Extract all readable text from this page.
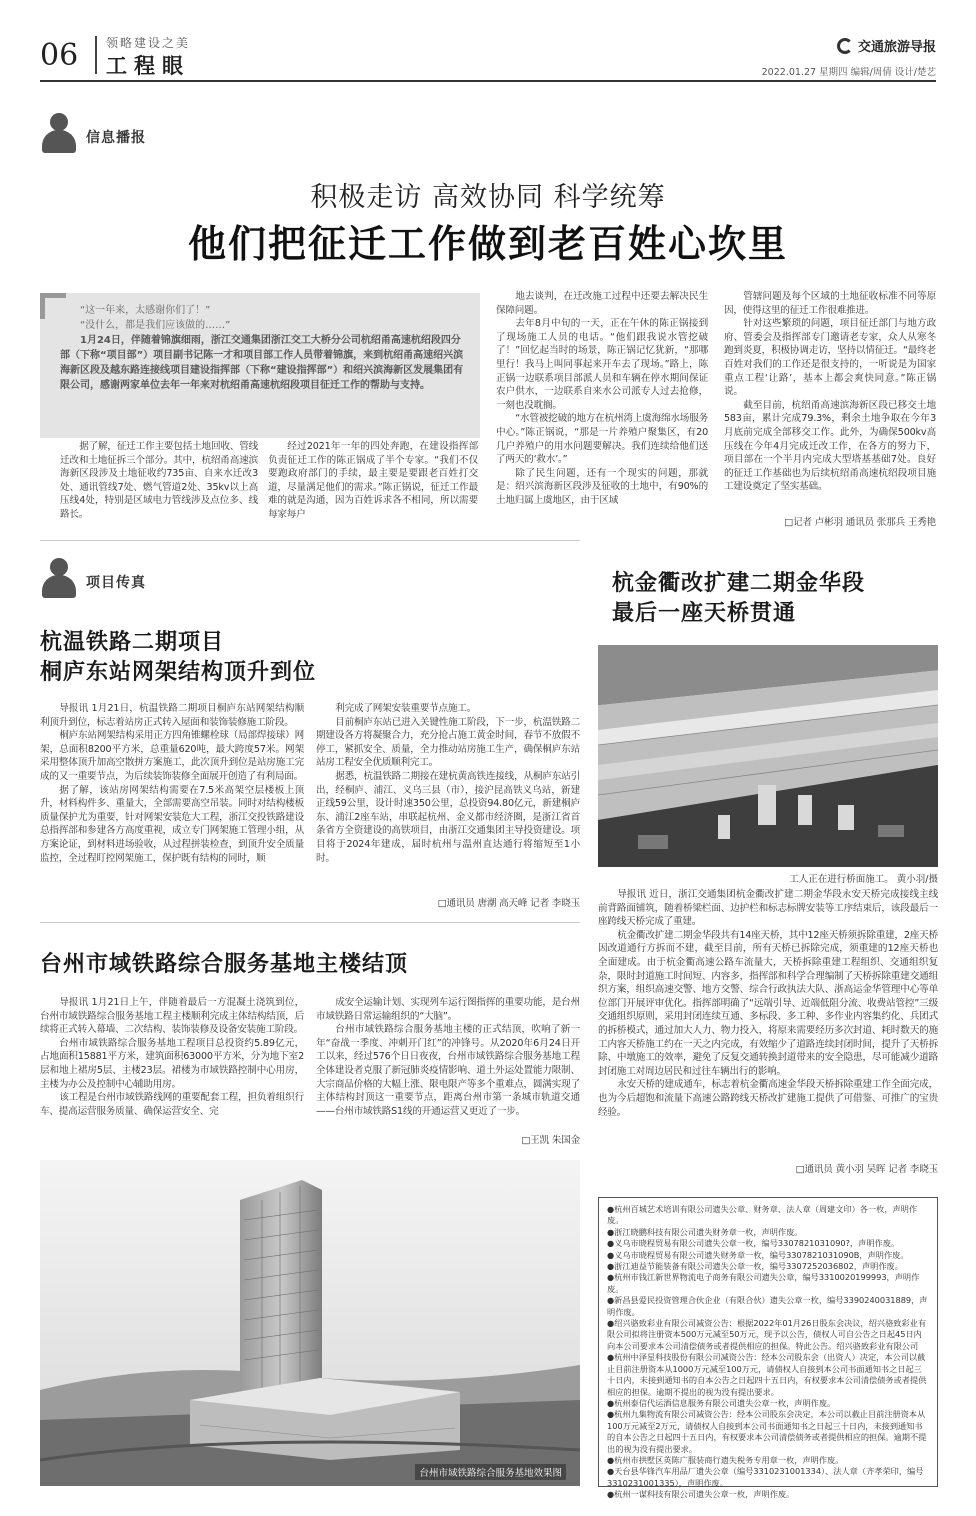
06 领略建设之美
工程眼
交通旅游导报
2022.01.27 星期四 编辑/周倩 设计/楚艺
信息播报
积极走访 高效协同 科学统筹
他们把征迁工作做到老百姓心坎里
“这一年来，太感谢你们了！”
“没什么，都是我们应该做的……”
1月24日，伴随着锦旗细雨，浙江交通集团浙江交工大桥分公司杭绍甬高速杭绍段四分部（下称“项目部”）项目副书记陈一才和项目部工作人员带着锦旗，来到杭绍甬高速绍兴滨海新区段及越东路连接线项目建设指挥部（下称“建设指挥部”）和绍兴滨海新区发展集团有限公司，感谢两家单位去年一年来对杭绍甬高速杭绍段项目征迁工作的帮助与支持。

据了解，征迁工作主要包括土地回收、管线迁改和土地征拆三个部分。其中，杭绍甬高速滨海新区段涉及土地征收约735亩、自来水迁改3处、通讯管线7处、燃气管道2处、35kv以上高压线4处，特别是区域电力管线涉及点位多、线路长。

经过2021年一年的四处奔跑，在建设指挥部负责征迁工作的陈正锅成了半个专家。“我们不仅要跑政府部门的手续，最主要是要跟老百姓打交道，尽量满足他们的需求。”陈正锅说，征迁工作最难的就是沟通，因为百姓诉求各不相同，所以需要每家每户

地去谈判，在迁改施工过程中还要去解决民生保障问题。

去年8月中旬的一天，正在午休的陈正锅接到了现场施工人员的电话。“他们跟我说水管挖破了！”回忆起当时的场景，陈正锅记忆犹新，“那哪里行！我马上叫同事起来开车去了现场。”路上，陈正锅一边联系项目部派人员和车辆在停水期间保证农户供水，一边联系自来水公司派专人过去抢修，一刻也没耽搁。

“水管被挖破的地方在杭州湾上虞海绵水场服务中心。”陈正锅说，“那是一片养殖户聚集区，有20几户养殖户的用水问题要解决。我们连续给他们送了两天的‘救水’。”

除了民生问题，还有一个现实的问题，那就是：绍兴滨海新区段涉及征收的土地中，有90%的土地归属上虞地区，由于区域

管辖问题及每个区域的土地征收标准不同等原因，使得这里的征迁工作很难推进。

针对这些繁琐的问题，项目征迁部门与地方政府、管委会及指挥部专门邀请老专家，众人从寒冬跑到炎夏，积极协调走访，坚持以情征迁。“最终老百姓对我们的工作还是很支持的，一听说是为国家重点工程‘让路’，基本上都会爽快同意。”陈正锅说。

截至目前，杭绍甬高速滨海新区段已移交土地583亩，累计完成79.3%，剩余土地争取在今年3月底前完成全部移交工作。此外，为确保500kv高压线在今年4月完成迁改工作，在各方的努力下，项目部在一个半月内完成大型塔基基础7处。良好的征迁工作基础也为后续杭绍甬高速杭绍段项目施工建设奠定了坚实基础。

□记者 卢彬羽 通讯员 张那兵 王秀艳
项目传真
杭温铁路二期项目
桐庐东站网架结构顶升到位

导报讯 1月21日，杭温铁路二期项目桐庐东站网架结构顺利顶升到位，标志着站房正式转入屋面和装饰装修施工阶段。

桐庐东站网架结构采用正方四角锥螺栓球（局部焊接球）网架，总面积8200平方米，总重量620吨，最大跨度57米。网架采用整体顶升加高空散拼方案施工，此次顶升到位是站房施工完成的又一重要节点，为后续装饰装修全面展开创造了有利局面。

据了解，该站房网架结构需要在7.5米高架空层楼板上顶升，材料构件多、重量大，全部需要高空吊装。同时对结构楼板质量保护尤为重要，针对网架安装危大工程，浙江交投铁路建设总指挥部和参建各方高度重视，成立专门网架施工管理小组，从方案论证，到材料进场验收，从过程拼装检查，到顶升安全质量监控，全过程盯控网架施工，保护既有结构的同时，顺

利完成了网架安装重要节点施工。

目前桐庐东站已进入关键性施工阶段，下一步，杭温铁路二期建设各方将凝聚合力，充分抢占施工黄金时间，春节不放假不停工，紧抓安全、质量，全力推动站房施工生产，确保桐庐东站站房工程安全优质顺利完工。

据悉，杭温铁路二期接在建杭黄高铁连接线，从桐庐东站引出，经桐庐、浦江、义乌三县（市），接沪昆高铁义乌站，新建正线59公里，设计时速350公里，总投资94.80亿元，新建桐庐东、浦江2座车站，串联起杭州、金义都市经济圈，是浙江省首条省方全资建设的高铁项目，由浙江交通集团主导投资建设。项目将于2024年建成，届时杭州与温州直达通行将缩短至1小时。

□通讯员 唐潮 高天峰 记者 李晓玉
台州市域铁路综合服务基地主楼结顶

导报讯 1月21日上午，伴随着最后一方混凝土浇筑到位，台州市域铁路综合服务基地工程主楼顺利完成主体结构结顶，后续将正式转入幕墙、二次结构、装饰装修及设备安装施工阶段。

台州市域铁路综合服务基地工程项目总投资约5.89亿元，占地面积15881平方米，建筑面积63000平方米，分为地下室2层和地上裙房5层、主楼23层。裙楼为市域铁路控制中心用房，主楼为办公及控制中心辅助用房。

该工程是台州市域铁路线网的重要配套工程，担负着组织行车、提高运营服务质量、确保运营安全、完

成安全运输计划、实现列车运行图指挥的重要功能，是台州市域铁路日常运输组织的“大脑”。

台州市域铁路综合服务基地主楼的正式结顶，吹响了新一年“奋战一季度、冲刺开门红”的冲锋号。从2020年6月24日开工以来，经过576个日日夜夜，台州市域铁路综合服务基地工程全体建设者克服了新冠肺炎疫情影响、道土外运处置能力限制、大宗商品价格的大幅上涨、限电限产等多个重难点，圆满实现了主体结构封顶这一重要节点，距离台州市第一条城市轨道交通——台州市域铁路S1线的开通运营又更近了一步。

□王凯 朱国金
台州市域铁路综合服务基地效果图
杭金衢改扩建二期金华段
最后一座天桥贯通
工人正在进行桥面施工。 黄小羽/摄

导报讯 近日，浙江交通集团杭金衢改扩建二期金华段永安天桥完成接线主线前背路面铺筑，随着桥梁栏面、边护栏和标志标牌安装等工序结束后，该段最后一座跨线天桥完成了重建。

杭金衢改扩建二期金华段共有14座天桥，其中12座天桥须拆除重建，2座天桥因改道通行方拆而不建，截至目前，所有天桥已拆除完成，须重建的12座天桥也全面建成。由于杭金衢高速公路车流量大，天桥拆除重建工程组织、交通组织复杂，限时封道施工时间短、内容多，指挥部和科学合理编制了天桥拆除重建交通组织方案，组织高速交警、地方交警、综合行政执法大队、浙高运金华管理中心等单位部门开展评审优化。指挥部明确了“远端引导、近端低阻分流、收费站管控”三级交通组织原则，采用封闭连续互通、多标段、多工种、多作业内容集约化、兵团式的拆桥模式，通过加大人力、物力投入，将原来需要经历多次封道、耗时数天的施工内容天桥施工约在一天之内完成，有效缩少了道路连续封闭时间，提升了天桥拆除、中墩施工的效率，避免了反复交通转换封道带来的安全隐患，尽可能减少道路封闭施工对周边居民和过往车辆出行的影响。

永安天桥的建成通车，标志着杭金衢高速金华段天桥拆除重建工作全面完成，也为今后超饱和流量下高速公路跨线天桥改扩建施工提供了可借鉴、可推广的宝贵经验。

□通讯员 黄小羽 吴晖 记者 李晓玉
●杭州百城艺术培训有限公司遗失公章、财务章、法人章（周建文印）各一枚，声明作废。
●浙江晓鹏科技有限公司遗失财务章一枚，声明作废。
●义乌市晓程贸易有限公司遗失公章一枚，编号3307821031090?，声明作废。
●义乌市晓程贸易有限公司遗失财务章一枚，编号3307821031090B，声明作废。
●浙江迪益节能装备有限公司遗失公章一枚，编号3307252036802，声明作废。
●杭州市钱江新世界物流电子商务有限公司遗失公章，编号3310020199993，声明作废。
●新昌县爱民投资管理合伙企业（有限合伙）遗失公章一枚，编号3390240031889，声明作废。
●绍兴骆致彩业有限公司减资公告：根据2022年01月26日股东会决议，绍兴骆致彩业有限公司拟将注册资本500万元减至50万元，现予以公告，债权人可自公告之日起45日内向本公司要求本公司清偿债务或者提供相应的担保。特此公告。绍兴骆致彩业有限公司
●杭州中泽星科技股份有限公司减资公告：经本公司股东会（出资人）决定，本公司以截止目前注册资本从1000万元减至100万元，请债权人自接到本公司书面通知书之日起三十日内，未接到通知书的自本公告之日起四十五日内，有权要求本公司清偿债务或者提供相应的担保。逾期不提出的视为没有提出要求。
●杭州泰信代运酒信息服务有限公司遗失公章一枚，声明作废。
●杭州九集物流有限公司减资公告：经本公司股东会决定，本公司以截止目前注册资本从100万元减至2万元，请债权人自接到本公司书面通知书之日起三十日内，未接到通知书的自本公告之日起四十五日内，有权要求本公司清偿债务或者提供相应的担保。逾期不提出的视为没有提出要求。
●杭州市拱墅区英陈广服装商行遗失税务专用章一枚，声明作废。
●天台县华锋汽车用品厂遗失公章（编号3310231001334）、法人章（齐孝荣印，编号3310231001335），声明作废。
●杭州一谋科技有限公司遗失公章一枚，声明作废。
